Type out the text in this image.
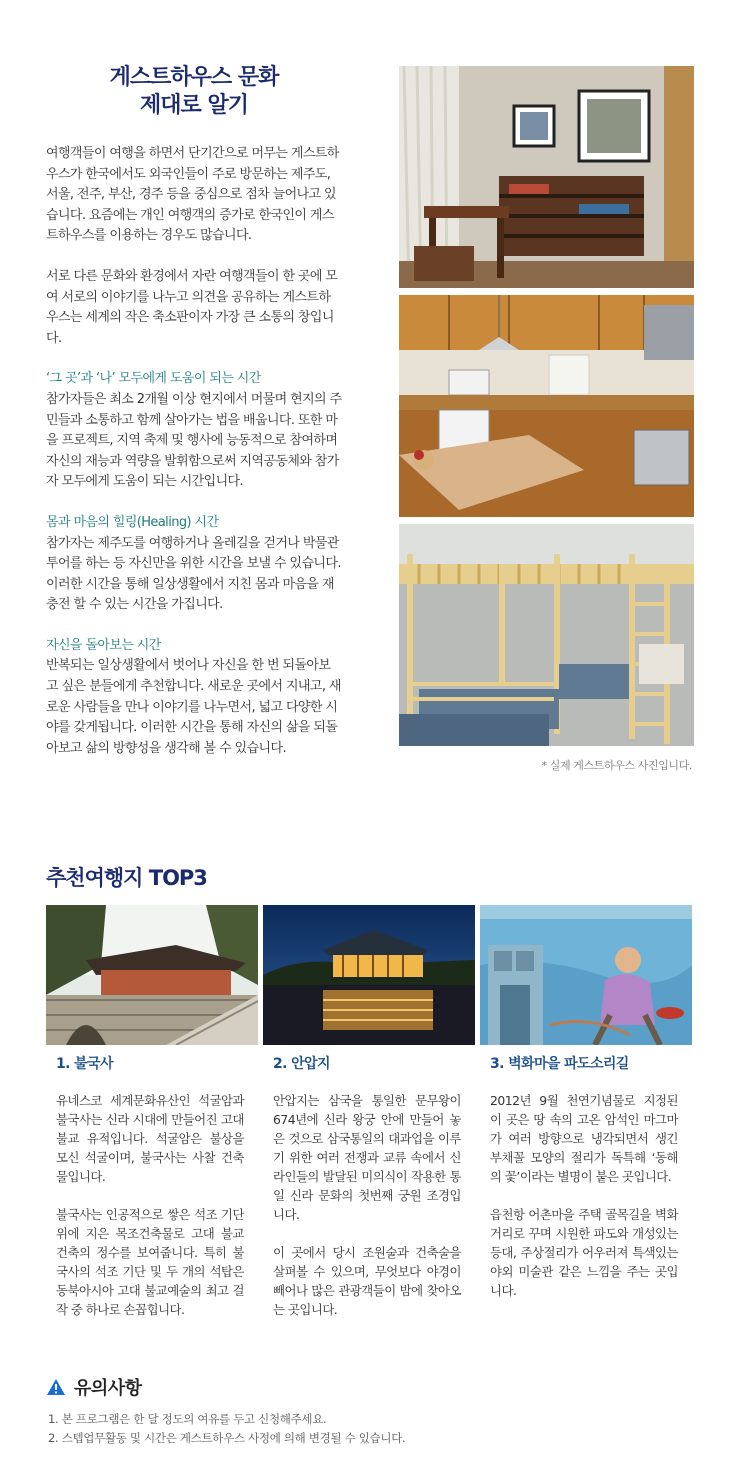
게스트하우스 문화
제대로 알기

여행객들이 여행을 하면서 단기간으로 머무는 게스트하우스가 한국에서도 외국인들이 주로 방문하는 제주도, 서울, 전주, 부산, 경주 등을 중심으로 점차 늘어나고 있습니다. 요즘에는 개인 여행객의 증가로 한국인이 게스트하우스를 이용하는 경우도 많습니다.

서로 다른 문화와 환경에서 자란 여행객들이 한 곳에 모여 서로의 이야기를 나누고 의견을 공유하는 게스트하우스는 세계의 작은 축소판이자 가장 큰 소통의 창입니다.

‘그 곳’과 ‘나’ 모두에게 도움이 되는 시간
참가자들은 최소 2개월 이상 현지에서 머물며 현지의 주민들과 소통하고 함께 살아가는 법을 배웁니다. 또한 마을 프로젝트, 지역 축제 및 행사에 능동적으로 참여하며 자신의 재능과 역량을 발휘함으로써 지역공동체와 참가자 모두에게 도움이 되는 시간입니다.

몸과 마음의 힐링(Healing) 시간
참가자는 제주도를 여행하거나 올레길을 걷거나 박물관 투어를 하는 등 자신만을 위한 시간을 보낼 수 있습니다. 이러한 시간을 통해 일상생활에서 지친 몸과 마음을 재충전 할 수 있는 시간을 가집니다.

자신을 돌아보는 시간
반복되는 일상생활에서 벗어나 자신을 한 번 되돌아보고 싶은 분들에게 추천합니다. 새로운 곳에서 지내고, 새로운 사람들을 만나 이야기를 나누면서, 넓고 다양한 시야를 갖게됩니다. 이러한 시간을 통해 자신의 삶을 되돌아보고 삶의 방향성을 생각해 볼 수 있습니다.

* 실제 게스트하우스 사진입니다.
추천여행지 TOP3
1. 불국사

유네스코 세계문화유산인 석굴암과 불국사는 신라 시대에 만들어진 고대 불교 유적입니다. 석굴암은 불상을 모신 석굴이며, 불국사는 사찰 건축물입니다.

불국사는 인공적으로 쌓은 석조 기단 위에 지은 목조건축물로 고대 불교 건축의 정수를 보여줍니다. 특히 불국사의 석조 기단 및 두 개의 석탑은 동북아시아 고대 불교예술의 최고 걸작 중 하나로 손꼽힙니다.

2. 안압지

안압지는 삼국을 통일한 문무왕이 674년에 신라 왕궁 안에 만들어 놓은 것으로 삼국통일의 대과업을 이루기 위한 여러 전쟁과 교류 속에서 신라인들의 발달된 미의식이 작용한 통일 신라 문화의 첫번째 궁원 조경입니다.

이 곳에서 당시 조원술과 건축술을 살펴볼 수 있으며, 무엇보다 야경이 빼어나 많은 관광객들이 밤에 찾아오는 곳입니다.

3. 벽화마을 파도소리길

2012년 9월 천연기념물로 지정된 이 곳은 땅 속의 고온 암석인 마그마가 여러 방향으로 냉각되면서 생긴 부채꼴 모양의 절리가 독특해 ‘동해의 꽃’이라는 별명이 붙은 곳입니다.

읍천항 어촌마을 주택 골목길을 벽화거리로 꾸며 시원한 파도와 개성있는 등대, 주상절리가 어우러져 특색있는 야외 미술관 같은 느낌을 주는 곳입니다.

유의사항
1. 본 프로그램은 한 달 정도의 여유를 두고 신청해주세요.
2. 스텝업무활동 및 시간은 게스트하우스 사정에 의해 변경될 수 있습니다.
